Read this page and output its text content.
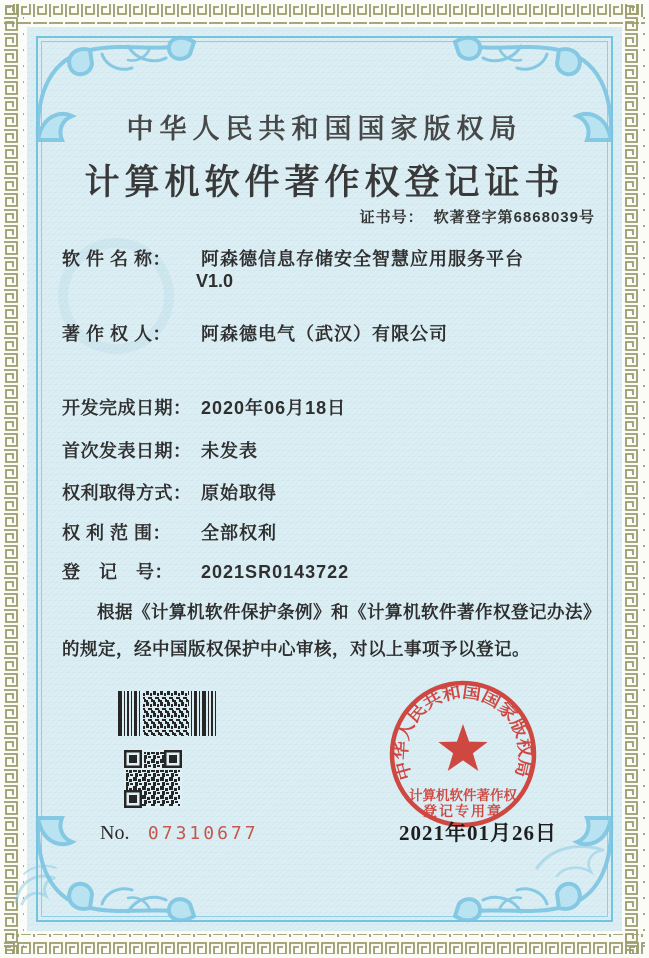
中华人民共和国国家版权局
计算机软件著作权登记证书
证书号： 软著登字第6868039号
软 件 名 称： 阿森德信息存储安全智慧应用服务平台
V1.0
著 作 权 人： 阿森德电气（武汉）有限公司
开发完成日期： 2020年06月18日
首次发表日期： 未发表
权利取得方式： 原始取得
权 利 范 围： 全部权利
登　记　号： 2021SR0143722
根据《计算机软件保护条例》和《计算机软件著作权登记办法》的规定，经中国版权保护中心审核，对以上事项予以登记。
No. 07310677
中华人民共和国国家版权局
计算机软件著作权
登记专用章
2021年01月26日
